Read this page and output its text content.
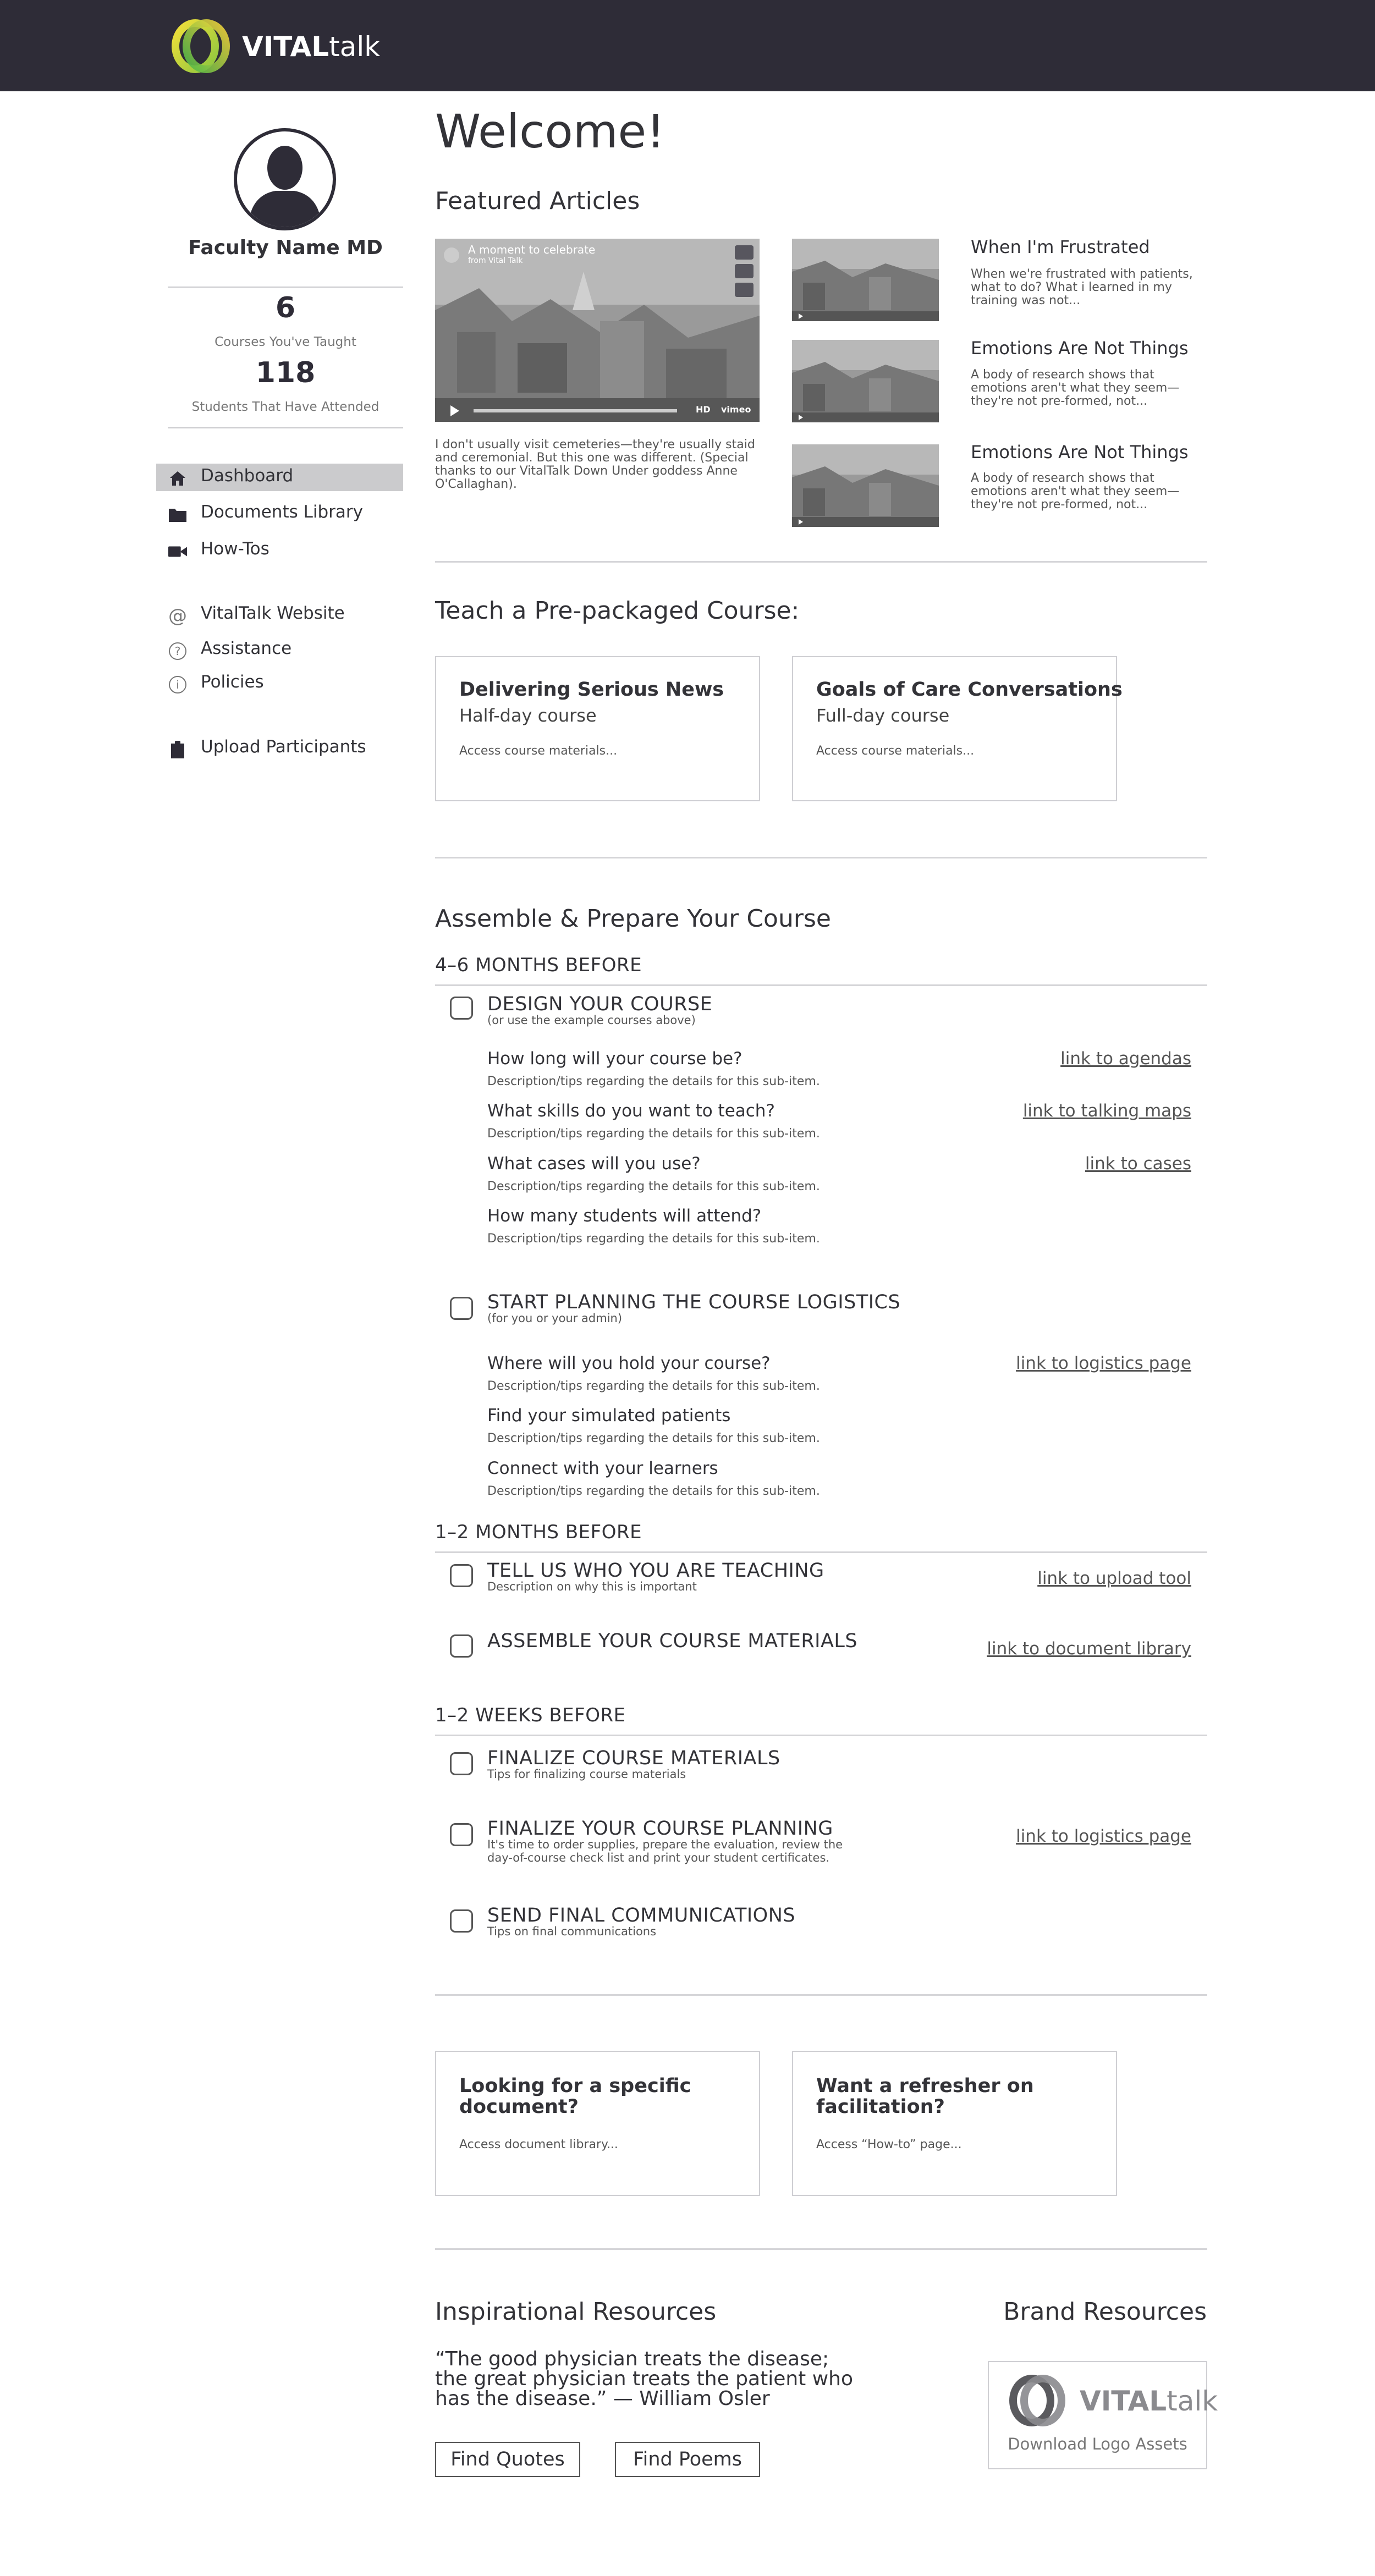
VITALtalk
Faculty Name MD
6
Courses You've Taught
118
Students That Have Attended
Dashboard
Documents Library
How-Tos
@ VitalTalk Website
?	Assistance
i	Policies
Upload Participants
Welcome!
Featured Articles
A moment to celebrate
from Vital Talk
HD vimeo
I don't usually visit cemeteries—they're usually staid and ceremonial. But this one was different. (Special thanks to our VitalTalk Down Under goddess Anne O'Callaghan).
When I'm Frustrated
When we're frustrated with patients, what to do? What i learned in my training was not...
Emotions Are Not Things
A body of research shows that emotions aren't what they seem—they're not pre-formed, not...
Emotions Are Not Things
A body of research shows that emotions aren't what they seem—they're not pre-formed, not...
Teach a Pre-packaged Course:
Delivering Serious News
Half-day course
Access course materials...
Goals of Care Conversations
Full-day course
Access course materials...
Assemble & Prepare Your Course
4–6 MONTHS BEFORE
DESIGN YOUR COURSE
(or use the example courses above)
How long will your course be?
Description/tips regarding the details for this sub-item.
link to agendas
What skills do you want to teach?
Description/tips regarding the details for this sub-item.
link to talking maps
What cases will you use?
Description/tips regarding the details for this sub-item.
link to cases
How many students will attend?
Description/tips regarding the details for this sub-item.
START PLANNING THE COURSE LOGISTICS
(for you or your admin)
Where will you hold your course?
Description/tips regarding the details for this sub-item.
link to logistics page
Find your simulated patients
Description/tips regarding the details for this sub-item.
Connect with your learners
Description/tips regarding the details for this sub-item.
1–2 MONTHS BEFORE
TELL US WHO YOU ARE TEACHING
Description on why this is important	link to upload tool
ASSEMBLE YOUR COURSE MATERIALS	link to document library
1–2 WEEKS BEFORE
FINALIZE COURSE MATERIALS
Tips for finalizing course materials
FINALIZE YOUR COURSE PLANNING
It's time to order supplies, prepare the evaluation, review the
day-of-course check list and print your student certificates.
link to logistics page
SEND FINAL COMMUNICATIONS
Tips on final communications
Looking for a specific
document?
Access document library...
Want a refresher on
facilitation?
Access “How-to” page...
Inspirational Resources
“The good physician treats the disease; the great physician treats the patient who has the disease.” — William Osler
Find Quotes	Find Poems
Brand Resources
VITALtalk
Download Logo Assets
